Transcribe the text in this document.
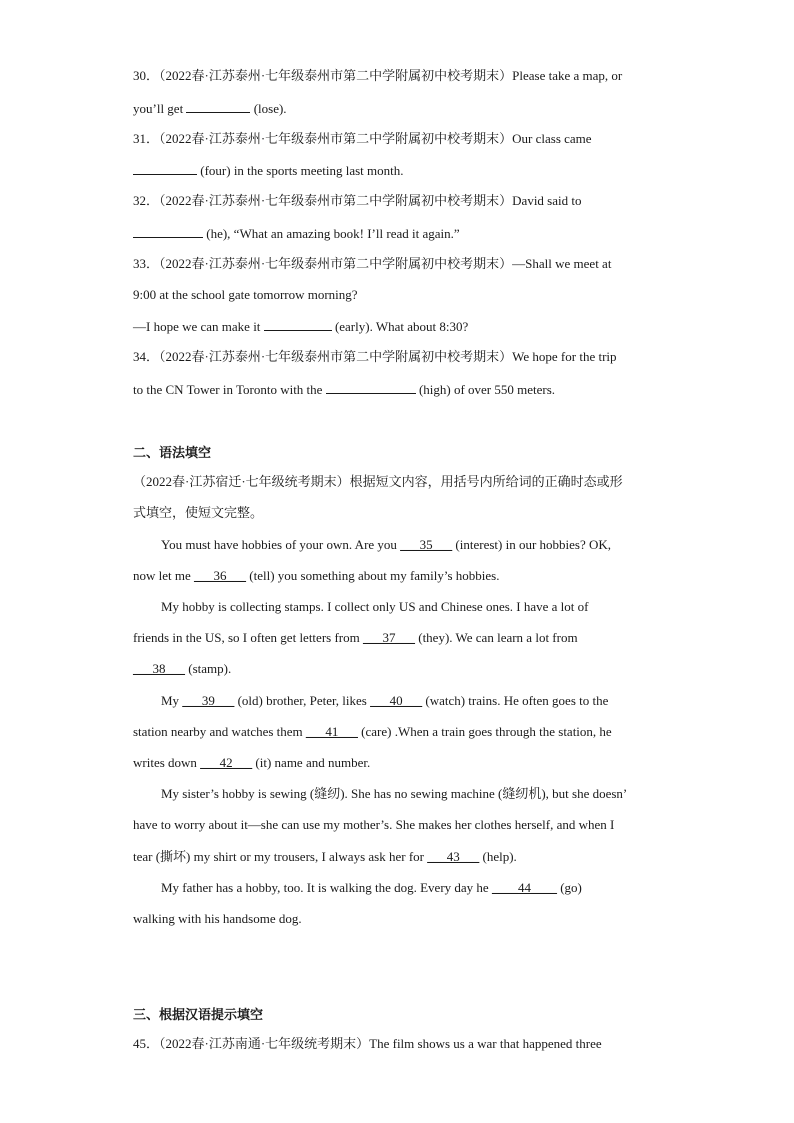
30．（2022春·江苏泰州·七年级泰州市第二中学附属初中校考期末）Please take a map, or
you’ll get	(lose).
31．（2022春·江苏泰州·七年级泰州市第二中学附属初中校考期末）Our class came
(four) in the sports meeting last month.
32．（2022春·江苏泰州·七年级泰州市第二中学附属初中校考期末）David said to
(he), “What an amazing book! I’ll read it again.”
33．（2022春·江苏泰州·七年级泰州市第二中学附属初中校考期末）—Shall we meet at
9:00 at the school gate tomorrow morning?
—I hope we can make it	(early). What about 8:30?
34．（2022春·江苏泰州·七年级泰州市第二中学附属初中校考期末）We hope for the trip
to the CN Tower in Toronto with the	(high) of over 550 meters.
二、语法填空
（2022春·江苏宿迁·七年级统考期末）根据短文内容，用括号内所给词的正确时态或形
式填空，使短文完整。
You must have hobbies of your own. Are you ___35___ (interest) in our hobbies? OK,
now let me ___36___ (tell) you something about my family’s hobbies.
My hobby is collecting stamps. I collect only US and Chinese ones. I have a lot of
friends in the US, so I often get letters from ___37___ (they). We can learn a lot from
___38___ (stamp).
My ___39___ (old) brother, Peter, likes ___40___ (watch) trains. He often goes to the
station nearby and watches them ___41___ (care) .When a train goes through the station, he
writes down ___42___ (it) name and number.
My sister’s hobby is sewing (缝纫). She has no sewing machine (缝纫机), but she doesn’
have to worry about it—she can use my mother’s. She makes her clothes herself, and when I
tear (撕坏) my shirt or my trousers, I always ask her for ___43___ (help).
My father has a hobby, too. It is walking the dog. Every day he ____44____ (go)
walking with his handsome dog.
三、根据汉语提示填空
45．（2022春·江苏南通·七年级统考期末）The film shows us a war that happened three
